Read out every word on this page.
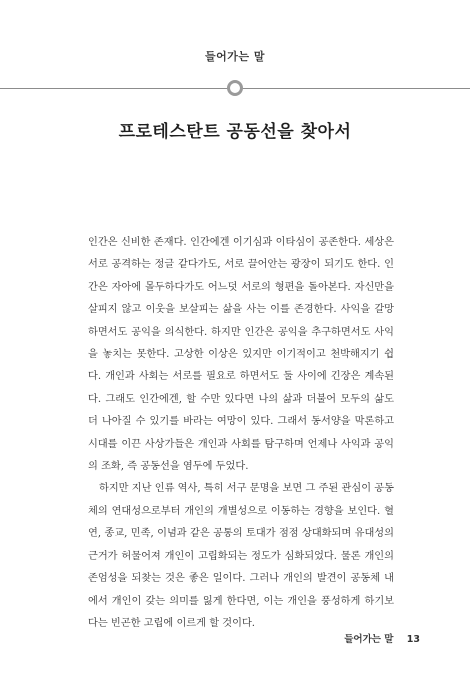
들어가는 말
프로테스탄트 공동선을 찾아서

인간은 신비한 존재다. 인간에겐 이기심과 이타심이 공존한다. 세상은 서로 공격하는 정글 같다가도, 서로 끌어안는 광장이 되기도 한다. 인간은 자아에 몰두하다가도 어느덧 서로의 형편을 돌아본다. 자신만을 살피지 않고 이웃을 보살피는 삶을 사는 이를 존경한다. 사익을 갈망하면서도 공익을 의식한다. 하지만 인간은 공익을 추구하면서도 사익을 놓치는 못한다. 고상한 이상은 있지만 이기적이고 천박해지기 쉽다. 개인과 사회는 서로를 필요로 하면서도 둘 사이에 긴장은 계속된다. 그래도 인간에겐, 할 수만 있다면 나의 삶과 더불어 모두의 삶도 더 나아질 수 있기를 바라는 여망이 있다. 그래서 동서양을 막론하고 시대를 이끈 사상가들은 개인과 사회를 탐구하며 언제나 사익과 공익의 조화, 즉 공동선을 염두에 두었다.

하지만 지난 인류 역사, 특히 서구 문명을 보면 그 주된 관심이 공동체의 연대성으로부터 개인의 개별성으로 이동하는 경향을 보인다. 혈연, 종교, 민족, 이념과 같은 공통의 토대가 점점 상대화되며 유대성의 근거가 허물어져 개인이 고립화되는 정도가 심화되었다. 물론 개인의 존엄성을 되찾는 것은 좋은 일이다. 그러나 개인의 발견이 공동체 내에서 개인이 갖는 의미를 잃게 한다면, 이는 개인을 풍성하게 하기보다는 빈곤한 고립에 이르게 할 것이다.

들어가는 말 13
